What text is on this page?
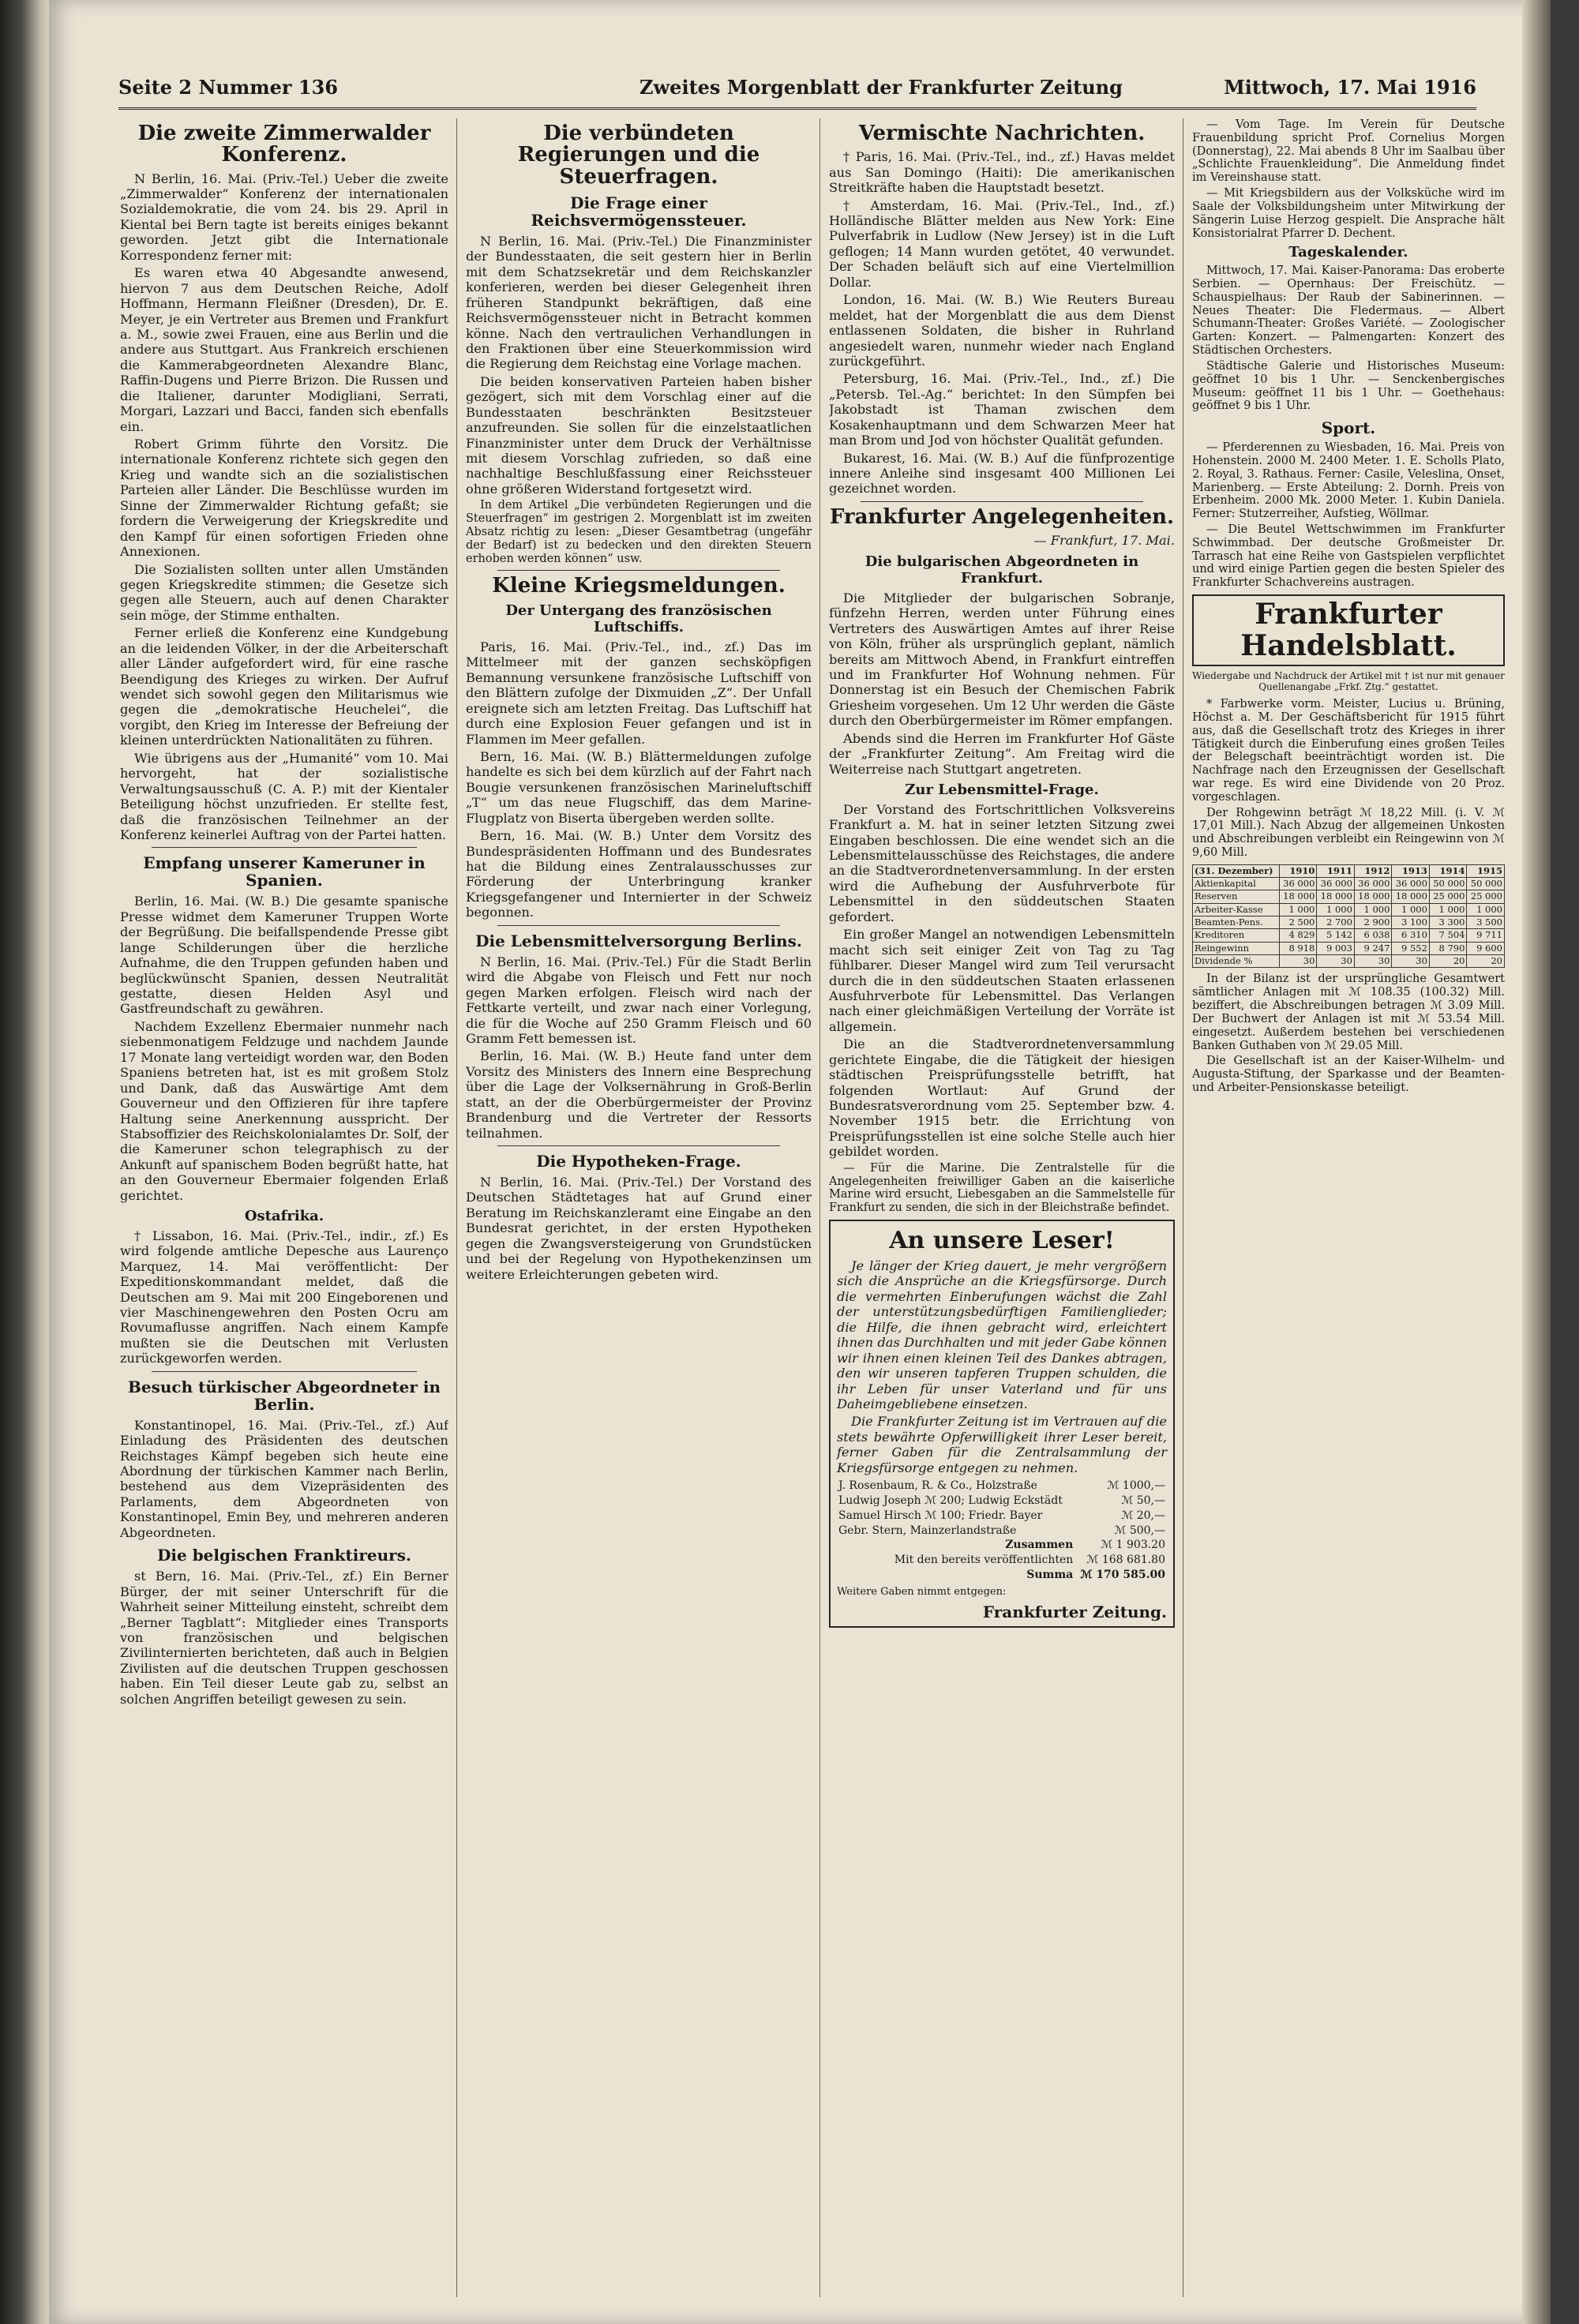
Seite 2 Nummer 136	Zweites Morgenblatt der Frankfurter Zeitung	Mittwoch, 17. Mai 1916
Die zweite Zimmerwalder Konferenz.

N Berlin, 16. Mai. (Priv.-Tel.) Ueber die zweite „Zimmerwalder“ Konferenz der internationalen Sozialdemokratie, die vom 24. bis 29. April in Kiental bei Bern tagte ist bereits einiges bekannt geworden. Jetzt gibt die Internationale Korrespondenz ferner mit:

Es waren etwa 40 Abgesandte anwesend, hiervon 7 aus dem Deutschen Reiche, Adolf Hoffmann, Hermann Fleißner (Dresden), Dr. E. Meyer, je ein Vertreter aus Bremen und Frankfurt a. M., sowie zwei Frauen, eine aus Berlin und die andere aus Stuttgart. Aus Frankreich erschienen die Kammerabgeordneten Alexandre Blanc, Raffin-Dugens und Pierre Brizon. Die Russen und die Italiener, darunter Modigliani, Serrati, Morgari, Lazzari und Bacci, fanden sich ebenfalls ein.

Robert Grimm führte den Vorsitz. Die internationale Konferenz richtete sich gegen den Krieg und wandte sich an die sozialistischen Parteien aller Länder. Die Beschlüsse wurden im Sinne der Zimmerwalder Richtung gefaßt; sie fordern die Verweigerung der Kriegskredite und den Kampf für einen sofortigen Frieden ohne Annexionen.

Die Sozialisten sollten unter allen Umständen gegen Kriegskredite stimmen; die Gesetze sich gegen alle Steuern, auch auf denen Charakter sein möge, der Stimme enthalten.

Ferner erließ die Konferenz eine Kundgebung an die leidenden Völker, in der die Arbeiterschaft aller Länder aufgefordert wird, für eine rasche Beendigung des Krieges zu wirken. Der Aufruf wendet sich sowohl gegen den Militarismus wie gegen die „demokratische Heuchelei“, die vorgibt, den Krieg im Interesse der Befreiung der kleinen unterdrückten Nationalitäten zu führen.

Wie übrigens aus der „Humanité“ vom 10. Mai hervorgeht, hat der sozialistische Verwaltungsausschuß (C. A. P.) mit der Kientaler Beteiligung höchst unzufrieden. Er stellte fest, daß die französischen Teilnehmer an der Konferenz keinerlei Auftrag von der Partei hatten.

Empfang unserer Kameruner in Spanien.

Berlin, 16. Mai. (W. B.) Die gesamte spanische Presse widmet dem Kameruner Truppen Worte der Begrüßung. Die beifallspendende Presse gibt lange Schilderungen über die herzliche Aufnahme, die den Truppen gefunden haben und beglückwünscht Spanien, dessen Neutralität gestatte, diesen Helden Asyl und Gastfreundschaft zu gewähren.

Nachdem Exzellenz Ebermaier nunmehr nach siebenmonatigem Feldzuge und nachdem Jaunde 17 Monate lang verteidigt worden war, den Boden Spaniens betreten hat, ist es mit großem Stolz und Dank, daß das Auswärtige Amt dem Gouverneur und den Offizieren für ihre tapfere Haltung seine Anerkennung ausspricht. Der Stabsoffizier des Reichskolonialamtes Dr. Solf, der die Kameruner schon telegraphisch zu der Ankunft auf spanischem Boden begrüßt hatte, hat an den Gouverneur Ebermaier folgenden Erlaß gerichtet.

Ostafrika.

† Lissabon, 16. Mai. (Priv.-Tel., indir., zf.) Es wird folgende amtliche Depesche aus Laurenço Marquez, 14. Mai veröffentlicht: Der Expeditionskommandant meldet, daß die Deutschen am 9. Mai mit 200 Eingeborenen und vier Maschinengewehren den Posten Ocru am Rovumaflusse angriffen. Nach einem Kampfe mußten sie die Deutschen mit Verlusten zurückgeworfen werden.

Besuch türkischer Abgeordneter in Berlin.

Konstantinopel, 16. Mai. (Priv.-Tel., zf.) Auf Einladung des Präsidenten des deutschen Reichstages Kämpf begeben sich heute eine Abordnung der türkischen Kammer nach Berlin, bestehend aus dem Vizepräsidenten des Parlaments, dem Abgeordneten von Konstantinopel, Emin Bey, und mehreren anderen Abgeordneten.

Die belgischen Franktireurs.

st Bern, 16. Mai. (Priv.-Tel., zf.) Ein Berner Bürger, der mit seiner Unterschrift für die Wahrheit seiner Mitteilung einsteht, schreibt dem „Berner Tagblatt“: Mitglieder eines Transports von französischen und belgischen Zivilinternierten berichteten, daß auch in Belgien Zivilisten auf die deutschen Truppen geschossen haben. Ein Teil dieser Leute gab zu, selbst an solchen Angriffen beteiligt gewesen zu sein.

Die verbündeten Regierungen und die Steuerfragen.
Die Frage einer Reichsvermögenssteuer.

N Berlin, 16. Mai. (Priv.-Tel.) Die Finanzminister der Bundesstaaten, die seit gestern hier in Berlin mit dem Schatzsekretär und dem Reichskanzler konferieren, werden bei dieser Gelegenheit ihren früheren Standpunkt bekräftigen, daß eine Reichsvermögenssteuer nicht in Betracht kommen könne. Nach den vertraulichen Verhandlungen in den Fraktionen über eine Steuerkommission wird die Regierung dem Reichstag eine Vorlage machen.

Die beiden konservativen Parteien haben bisher gezögert, sich mit dem Vorschlag einer auf die Bundesstaaten beschränkten Besitzsteuer anzufreunden. Sie sollen für die einzelstaatlichen Finanzminister unter dem Druck der Verhältnisse mit diesem Vorschlag zufrieden, so daß eine nachhaltige Beschlußfassung einer Reichssteuer ohne größeren Widerstand fortgesetzt wird.

In dem Artikel „Die verbündeten Regierungen und die Steuerfragen“ im gestrigen 2. Morgenblatt ist im zweiten Absatz richtig zu lesen: „Dieser Gesamtbetrag (ungefähr der Bedarf) ist zu bedecken und den direkten Steuern erhoben werden können“ usw.

Kleine Kriegsmeldungen.
Der Untergang des französischen Luftschiffs.

Paris, 16. Mai. (Priv.-Tel., ind., zf.) Das im Mittelmeer mit der ganzen sechsköpfigen Bemannung versunkene französische Luftschiff von den Blättern zufolge der Dixmuiden „Z“. Der Unfall ereignete sich am letzten Freitag. Das Luftschiff hat durch eine Explosion Feuer gefangen und ist in Flammen im Meer gefallen.

Bern, 16. Mai. (W. B.) Blättermeldungen zufolge handelte es sich bei dem kürzlich auf der Fahrt nach Bougie versunkenen französischen Marineluftschiff „T“ um das neue Flugschiff, das dem Marine-Flugplatz von Biserta übergeben werden sollte.

Bern, 16. Mai. (W. B.) Unter dem Vorsitz des Bundespräsidenten Hoffmann und des Bundesrates hat die Bildung eines Zentralausschusses zur Förderung der Unterbringung kranker Kriegsgefangener und Internierter in der Schweiz begonnen.

Die Lebensmittelversorgung Berlins.

N Berlin, 16. Mai. (Priv.-Tel.) Für die Stadt Berlin wird die Abgabe von Fleisch und Fett nur noch gegen Marken erfolgen. Fleisch wird nach der Fettkarte verteilt, und zwar nach einer Vorlegung, die für die Woche auf 250 Gramm Fleisch und 60 Gramm Fett bemessen ist.

Berlin, 16. Mai. (W. B.) Heute fand unter dem Vorsitz des Ministers des Innern eine Besprechung über die Lage der Volksernährung in Groß-Berlin statt, an der die Oberbürgermeister der Provinz Brandenburg und die Vertreter der Ressorts teilnahmen.

Die Hypotheken-Frage.

N Berlin, 16. Mai. (Priv.-Tel.) Der Vorstand des Deutschen Städtetages hat auf Grund einer Beratung im Reichskanzleramt eine Eingabe an den Bundesrat gerichtet, in der ersten Hypotheken gegen die Zwangsversteigerung von Grundstücken und bei der Regelung von Hypothekenzinsen um weitere Erleichterungen gebeten wird.

Vermischte Nachrichten.

† Paris, 16. Mai. (Priv.-Tel., ind., zf.) Havas meldet aus San Domingo (Haiti): Die amerikanischen Streitkräfte haben die Hauptstadt besetzt.

† Amsterdam, 16. Mai. (Priv.-Tel., Ind., zf.) Holländische Blätter melden aus New York: Eine Pulverfabrik in Ludlow (New Jersey) ist in die Luft geflogen; 14 Mann wurden getötet, 40 verwundet. Der Schaden beläuft sich auf eine Viertelmillion Dollar.

London, 16. Mai. (W. B.) Wie Reuters Bureau meldet, hat der Morgenblatt die aus dem Dienst entlassenen Soldaten, die bisher in Ruhrland angesiedelt waren, nunmehr wieder nach England zurückgeführt.

Petersburg, 16. Mai. (Priv.-Tel., Ind., zf.) Die „Petersb. Tel.-Ag.“ berichtet: In den Sümpfen bei Jakobstadt ist Thaman zwischen dem Kosakenhauptmann und dem Schwarzen Meer hat man Brom und Jod von höchster Qualität gefunden.

Bukarest, 16. Mai. (W. B.) Auf die fünfprozentige innere Anleihe sind insgesamt 400 Millionen Lei gezeichnet worden.

Frankfurter Angelegenheiten.
— Frankfurt, 17. Mai.
Die bulgarischen Abgeordneten in Frankfurt.

Die Mitglieder der bulgarischen Sobranje, fünfzehn Herren, werden unter Führung eines Vertreters des Auswärtigen Amtes auf ihrer Reise von Köln, früher als ursprünglich geplant, nämlich bereits am Mittwoch Abend, in Frankfurt eintreffen und im Frankfurter Hof Wohnung nehmen. Für Donnerstag ist ein Besuch der Chemischen Fabrik Griesheim vorgesehen. Um 12 Uhr werden die Gäste durch den Oberbürgermeister im Römer empfangen.

Abends sind die Herren im Frankfurter Hof Gäste der „Frankfurter Zeitung“. Am Freitag wird die Weiterreise nach Stuttgart angetreten.

Zur Lebensmittel-Frage.

Der Vorstand des Fortschrittlichen Volksvereins Frankfurt a. M. hat in seiner letzten Sitzung zwei Eingaben beschlossen. Die eine wendet sich an die Lebensmittelausschüsse des Reichstages, die andere an die Stadtverordnetenversammlung. In der ersten wird die Aufhebung der Ausfuhrverbote für Lebensmittel in den süddeutschen Staaten gefordert.

Ein großer Mangel an notwendigen Lebensmitteln macht sich seit einiger Zeit von Tag zu Tag fühlbarer. Dieser Mangel wird zum Teil verursacht durch die in den süddeutschen Staaten erlassenen Ausfuhrverbote für Lebensmittel. Das Verlangen nach einer gleichmäßigen Verteilung der Vorräte ist allgemein.

Die an die Stadtverordnetenversammlung gerichtete Eingabe, die die Tätigkeit der hiesigen städtischen Preisprüfungsstelle betrifft, hat folgenden Wortlaut: Auf Grund der Bundesratsverordnung vom 25. September bzw. 4. November 1915 betr. die Errichtung von Preisprüfungsstellen ist eine solche Stelle auch hier gebildet worden.

— Für die Marine. Die Zentralstelle für die Angelegenheiten freiwilliger Gaben an die kaiserliche Marine wird ersucht, Liebesgaben an die Sammelstelle für Frankfurt zu senden, die sich in der Bleichstraße befindet.

An unsere Leser!

Je länger der Krieg dauert, je mehr vergrößern sich die Ansprüche an die Kriegsfürsorge. Durch die vermehrten Einberufungen wächst die Zahl der unterstützungsbedürftigen Familienglieder; die Hilfe, die ihnen gebracht wird, erleichtert ihnen das Durchhalten und mit jeder Gabe können wir ihnen einen kleinen Teil des Dankes abtragen, den wir unseren tapferen Truppen schulden, die ihr Leben für unser Vaterland und für uns Daheimgebliebene einsetzen.

Die Frankfurter Zeitung ist im Vertrauen auf die stets bewährte Opferwilligkeit ihrer Leser bereit, ferner Gaben für die Zentralsammlung der Kriegsfürsorge entgegen zu nehmen.

J. Rosenbaum, R. & Co., Holzstraße	ℳ 1000,—
Ludwig Joseph ℳ 200; Ludwig Eckstädt	ℳ 50,—
Samuel Hirsch ℳ 100; Friedr. Bayer	ℳ 20,—
Gebr. Stern, Mainzerlandstraße	ℳ 500,—
Zusammen	ℳ 1 903.20
Mit den bereits veröffentlichten	ℳ 168 681.80
Summa	ℳ 170 585.00
Weitere Gaben nimmt entgegen:
Frankfurter Zeitung.

— Vom Tage. Im Verein für Deutsche Frauenbildung spricht Prof. Cornelius Morgen (Donnerstag), 22. Mai abends 8 Uhr im Saalbau über „Schlichte Frauenkleidung“. Die Anmeldung findet im Vereinshause statt.

— Mit Kriegsbildern aus der Volksküche wird im Saale der Volksbildungsheim unter Mitwirkung der Sängerin Luise Herzog gespielt. Die Ansprache hält Konsistorialrat Pfarrer D. Dechent.

Tageskalender.

Mittwoch, 17. Mai. Kaiser-Panorama: Das eroberte Serbien. — Opernhaus: Der Freischütz. — Schauspielhaus: Der Raub der Sabinerinnen. — Neues Theater: Die Fledermaus. — Albert Schumann-Theater: Großes Variété. — Zoologischer Garten: Konzert. — Palmengarten: Konzert des Städtischen Orchesters.

Städtische Galerie und Historisches Museum: geöffnet 10 bis 1 Uhr. — Senckenbergisches Museum: geöffnet 11 bis 1 Uhr. — Goethehaus: geöffnet 9 bis 1 Uhr.

Sport.

— Pferderennen zu Wiesbaden, 16. Mai. Preis von Hohenstein. 2000 M. 2400 Meter. 1. E. Scholls Plato, 2. Royal, 3. Rathaus. Ferner: Casile, Veleslina, Onset, Marienberg. — Erste Abteilung: 2. Dornh. Preis von Erbenheim. 2000 Mk. 2000 Meter. 1. Kubin Daniela. Ferner: Stutzerreiher, Aufstieg, Wöllmar.

— Die Beutel Wettschwimmen im Frankfurter Schwimmbad. Der deutsche Großmeister Dr. Tarrasch hat eine Reihe von Gastspielen verpflichtet und wird einige Partien gegen die besten Spieler des Frankfurter Schachvereins austragen.

Frankfurter Handelsblatt.
Wiedergabe und Nachdruck der Artikel mit † ist nur mit genauer Quellenangabe „Frkf. Ztg.“ gestattet.

* Farbwerke vorm. Meister, Lucius u. Brüning, Höchst a. M. Der Geschäftsbericht für 1915 führt aus, daß die Gesellschaft trotz des Krieges in ihrer Tätigkeit durch die Einberufung eines großen Teiles der Belegschaft beeinträchtigt worden ist. Die Nachfrage nach den Erzeugnissen der Gesellschaft war rege. Es wird eine Dividende von 20 Proz. vorgeschlagen.

Der Rohgewinn beträgt ℳ 18,22 Mill. (i. V. ℳ 17,01 Mill.). Nach Abzug der allgemeinen Unkosten und Abschreibungen verbleibt ein Reingewinn von ℳ 9,60 Mill.

(31. Dezember)	1910	1911	1912	1913	1914	1915
Aktienkapital	36 000	36 000	36 000	36 000	50 000	50 000
Reserven	18 000	18 000	18 000	18 000	25 000	25 000
Arbeiter-Kasse	1 000	1 000	1 000	1 000	1 000	1 000
Beamten-Pens.	2 500	2 700	2 900	3 100	3 300	3 500
Kreditoren	4 829	5 142	6 038	6 310	7 504	9 711
Reingewinn	8 918	9 003	9 247	9 552	8 790	9 600
Dividende %	30	30	30	30	20	20

In der Bilanz ist der ursprüngliche Gesamtwert sämtlicher Anlagen mit ℳ 108.35 (100.32) Mill. beziffert, die Abschreibungen betragen ℳ 3.09 Mill. Der Buchwert der Anlagen ist mit ℳ 53.54 Mill. eingesetzt. Außerdem bestehen bei verschiedenen Banken Guthaben von ℳ 29.05 Mill.

Die Gesellschaft ist an der Kaiser-Wilhelm- und Augusta-Stiftung, der Sparkasse und der Beamten- und Arbeiter-Pensionskasse beteiligt.
